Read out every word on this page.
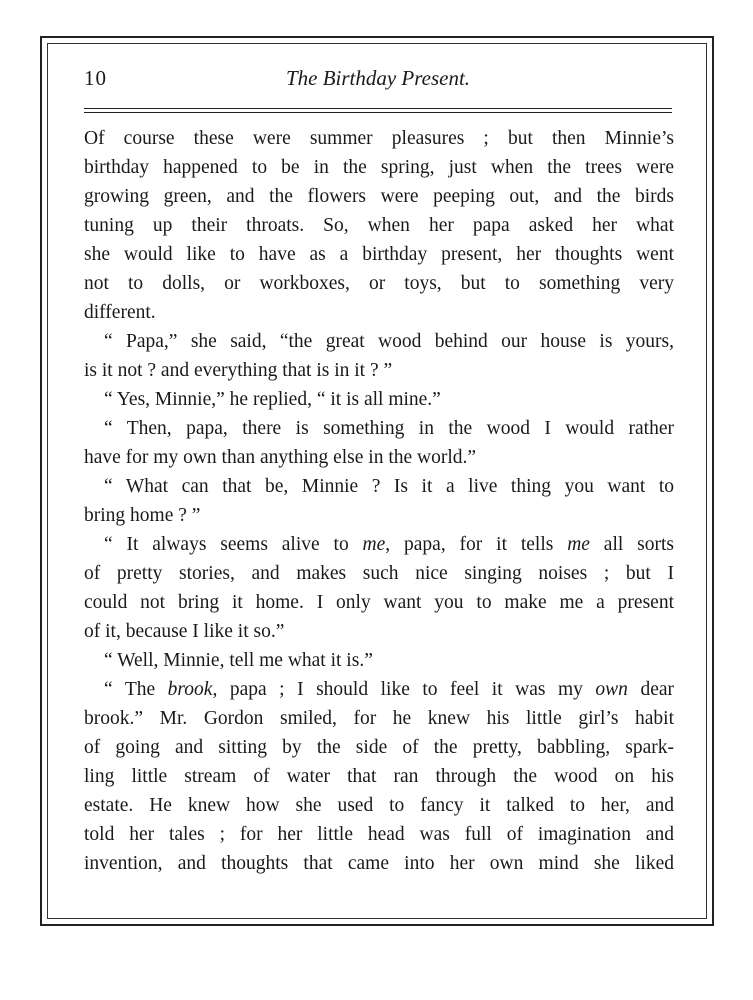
10	The Birthday Present.
Of course these were summer pleasures ; but then Minnie’s
birthday happened to be in the spring, just when the trees were
growing green, and the flowers were peeping out, and the birds
tuning up their throats. So, when her papa asked her what
she would like to have as a birthday present, her thoughts went
not to dolls, or workboxes, or toys, but to something very
different.
“ Papa,” she said, “the great wood behind our house is yours,
is it not ? and everything that is in it ? ”
“ Yes, Minnie,” he replied, “ it is all mine.”
“ Then, papa, there is something in the wood I would rather
have for my own than anything else in the world.”
“ What can that be, Minnie ? Is it a live thing you want to
bring home ? ”
“ It always seems alive to me, papa, for it tells me all sorts
of pretty stories, and makes such nice singing noises ; but I
could not bring it home. I only want you to make me a present
of it, because I like it so.”
“ Well, Minnie, tell me what it is.”
“ The brook, papa ; I should like to feel it was my own dear
brook.” Mr. Gordon smiled, for he knew his little girl’s habit
of going and sitting by the side of the pretty, babbling, spark-
ling little stream of water that ran through the wood on his
estate. He knew how she used to fancy it talked to her, and
told her tales ; for her little head was full of imagination and
invention, and thoughts that came into her own mind she liked
